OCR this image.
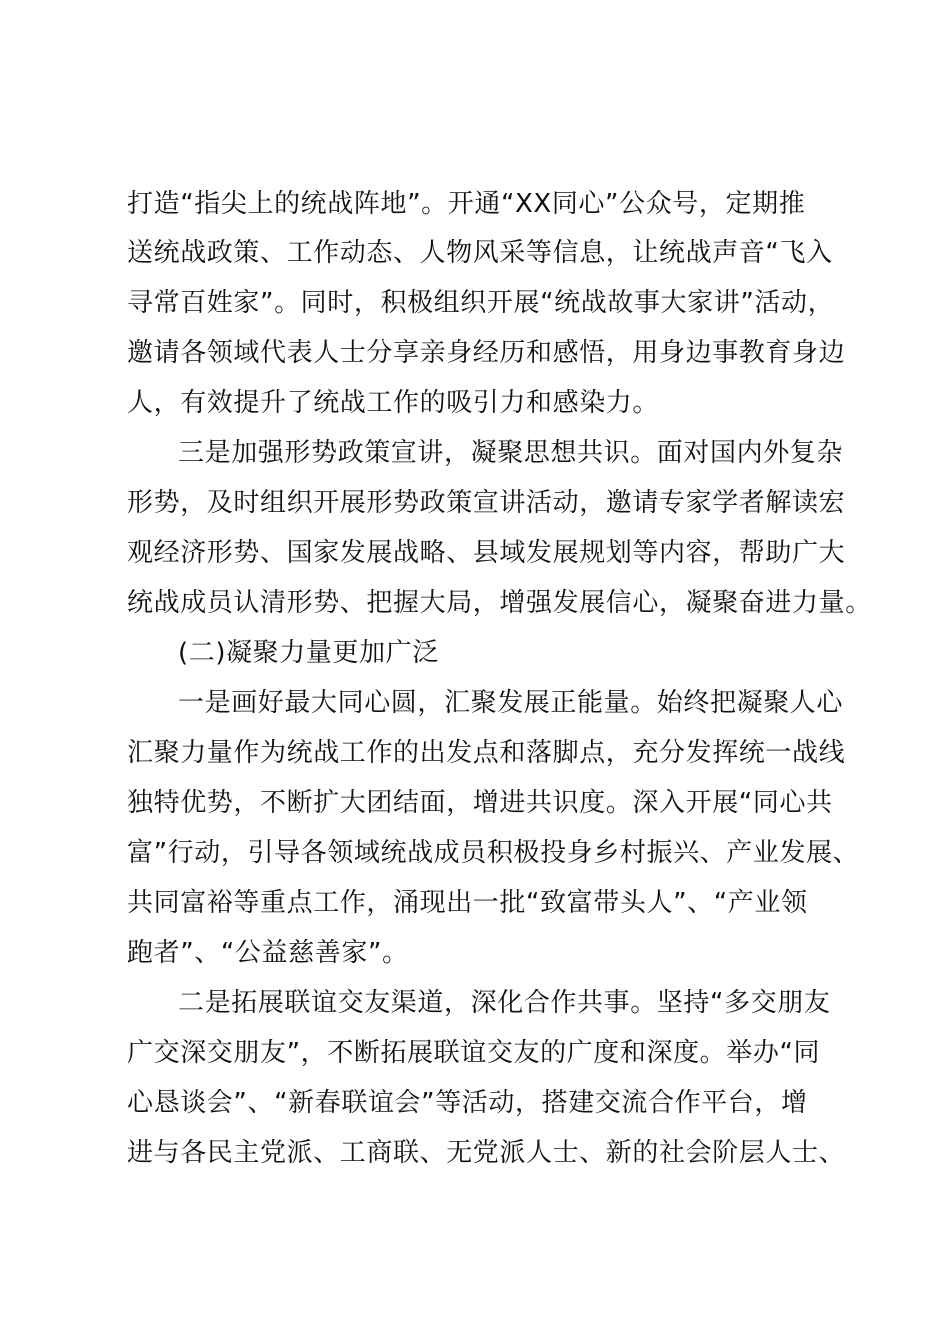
打造“指尖上的统战阵地”。开通“XX同心”公众号，定期推
送统战政策、工作动态、人物风采等信息，让统战声音“飞入
寻常百姓家”。同时，积极组织开展“统战故事大家讲”活动，
邀请各领域代表人士分享亲身经历和感悟，用身边事教育身边
人，有效提升了统战工作的吸引力和感染力。
三是加强形势政策宣讲，凝聚思想共识。面对国内外复杂
形势，及时组织开展形势政策宣讲活动，邀请专家学者解读宏
观经济形势、国家发展战略、县域发展规划等内容，帮助广大
统战成员认清形势、把握大局，增强发展信心，凝聚奋进力量。
(二)凝聚力量更加广泛
一是画好最大同心圆，汇聚发展正能量。始终把凝聚人心
汇聚力量作为统战工作的出发点和落脚点，充分发挥统一战线
独特优势，不断扩大团结面，增进共识度。深入开展“同心共
富”行动，引导各领域统战成员积极投身乡村振兴、产业发展、
共同富裕等重点工作，涌现出一批“致富带头人”、“产业领
跑者”、“公益慈善家”。
二是拓展联谊交友渠道，深化合作共事。坚持“多交朋友
广交深交朋友”，不断拓展联谊交友的广度和深度。举办“同
心恳谈会”、“新春联谊会”等活动，搭建交流合作平台，增
进与各民主党派、工商联、无党派人士、新的社会阶层人士、
